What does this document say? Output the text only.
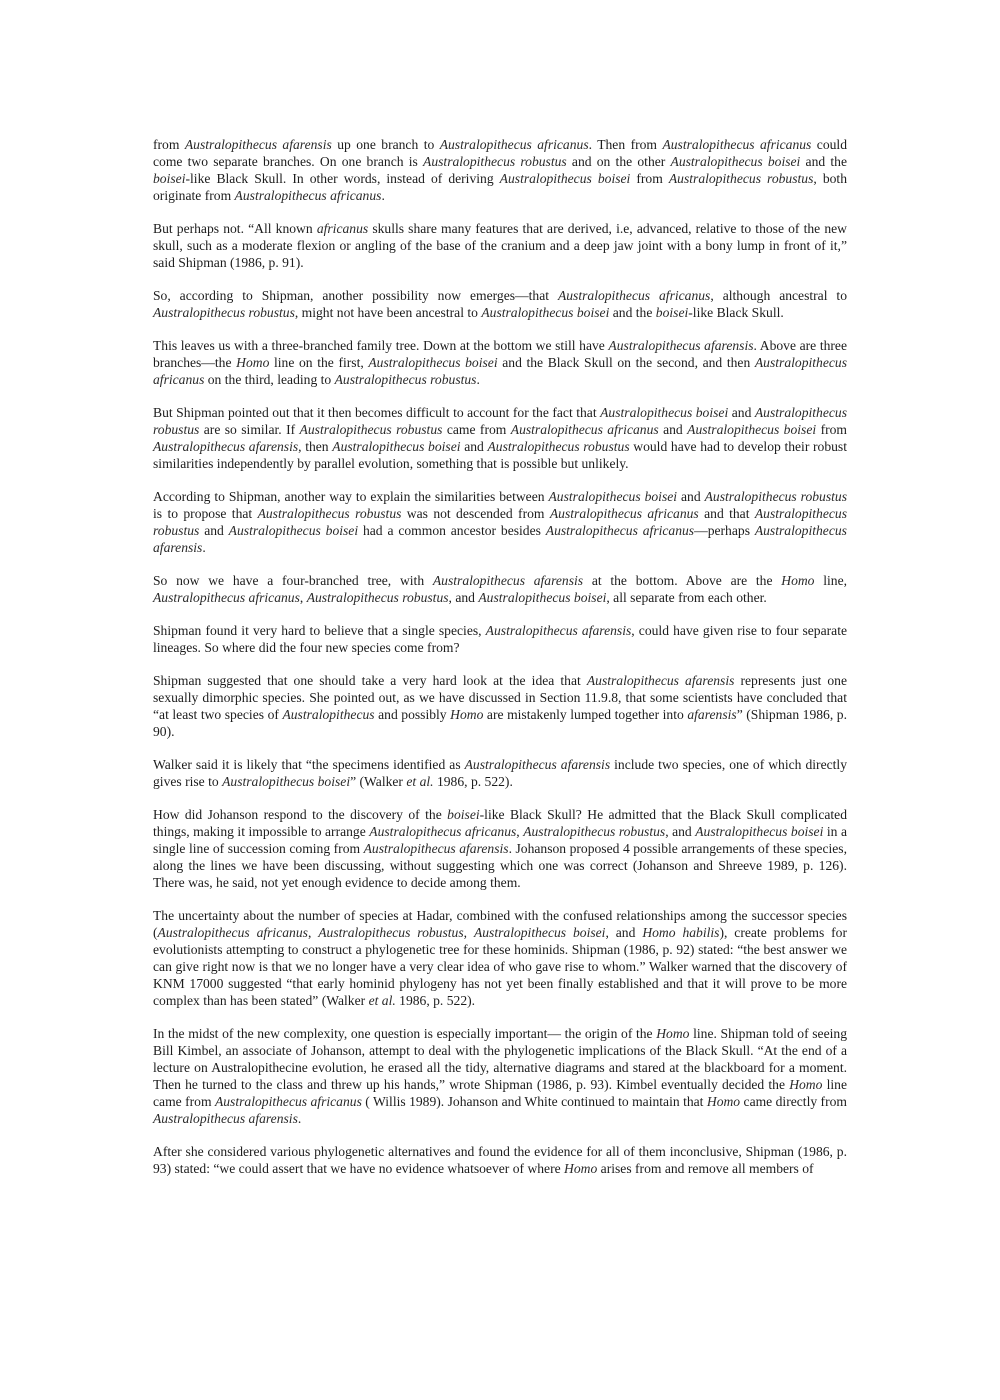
from Australopithecus afarensis up one branch to Australopithecus africanus. Then from Australopithecus africanus could come two separate branches. On one branch is Australopithecus robustus and on the other Australopithecus boisei and the boisei-like Black Skull. In other words, instead of deriving Australopithecus boisei from Australopithecus robustus, both originate from Australopithecus africanus.

But perhaps not. “All known africanus skulls share many features that are derived, i.e, advanced, relative to those of the new skull, such as a moderate flexion or angling of the base of the cranium and a deep jaw joint with a bony lump in front of it,” said Shipman (1986, p. 91).

So, according to Shipman, another possibility now emerges—that Australopithecus africanus, although ancestral to Australopithecus robustus, might not have been ancestral to Australopithecus boisei and the boisei-like Black Skull.

This leaves us with a three-branched family tree. Down at the bottom we still have Australopithecus afarensis. Above are three branches—the Homo line on the first, Australopithecus boisei and the Black Skull on the second, and then Australopithecus africanus on the third, leading to Australopithecus robustus.

But Shipman pointed out that it then becomes difficult to account for the fact that Australopithecus boisei and Australopithecus robustus are so similar. If Australopithecus robustus came from Australopithecus africanus and Australopithecus boisei from Australopithecus afarensis, then Australopithecus boisei and Australopithecus robustus would have had to develop their robust similarities independently by parallel evolution, something that is possible but unlikely.

According to Shipman, another way to explain the similarities between Australopithecus boisei and Australopithecus robustus is to propose that Australopithecus robustus was not descended from Australopithecus africanus and that Australopithecus robustus and Australopithecus boisei had a common ancestor besides Australopithecus africanus—perhaps Australopithecus afarensis.

So now we have a four-branched tree, with Australopithecus afarensis at the bottom. Above are the Homo line, Australopithecus africanus, Australopithecus robustus, and Australopithecus boisei, all separate from each other.

Shipman found it very hard to believe that a single species, Australopithecus afarensis, could have given rise to four separate lineages. So where did the four new species come from?

Shipman suggested that one should take a very hard look at the idea that Australopithecus afarensis represents just one sexually dimorphic species. She pointed out, as we have discussed in Section 11.9.8, that some scientists have concluded that “at least two species of Australopithecus and possibly Homo are mistakenly lumped together into afarensis” (Shipman 1986, p. 90).

Walker said it is likely that “the specimens identified as Australopithecus afarensis include two species, one of which directly gives rise to Australopithecus boisei” (Walker et al. 1986, p. 522).

How did Johanson respond to the discovery of the boisei-like Black Skull? He admitted that the Black Skull complicated things, making it impossible to arrange Australopithecus africanus, Australopithecus robustus, and Australopithecus boisei in a single line of succession coming from Australopithecus afarensis. Johanson proposed 4 possible arrangements of these species, along the lines we have been discussing, without suggesting which one was correct (Johanson and Shreeve 1989, p. 126). There was, he said, not yet enough evidence to decide among them.

The uncertainty about the number of species at Hadar, combined with the confused relationships among the successor species (Australopithecus africanus, Australopithecus robustus, Australopithecus boisei, and Homo habilis), create problems for evolutionists attempting to construct a phylogenetic tree for these hominids. Shipman (1986, p. 92) stated: “the best answer we can give right now is that we no longer have a very clear idea of who gave rise to whom.” Walker warned that the discovery of KNM 17000 suggested “that early hominid phylogeny has not yet been finally established and that it will prove to be more complex than has been stated” (Walker et al. 1986, p. 522).

In the midst of the new complexity, one question is especially important— the origin of the Homo line. Shipman told of seeing Bill Kimbel, an associate of Johanson, attempt to deal with the phylogenetic implications of the Black Skull. “At the end of a lecture on Australopithecine evolution, he erased all the tidy, alternative diagrams and stared at the blackboard for a moment. Then he turned to the class and threw up his hands,” wrote Shipman (1986, p. 93). Kimbel eventually decided the Homo line came from Australopithecus africanus ( Willis 1989). Johanson and White continued to maintain that Homo came directly from Australopithecus afarensis.

After she considered various phylogenetic alternatives and found the evidence for all of them inconclusive, Shipman (1986, p. 93) stated: “we could assert that we have no evidence whatsoever of where Homo arises from and remove all members of
